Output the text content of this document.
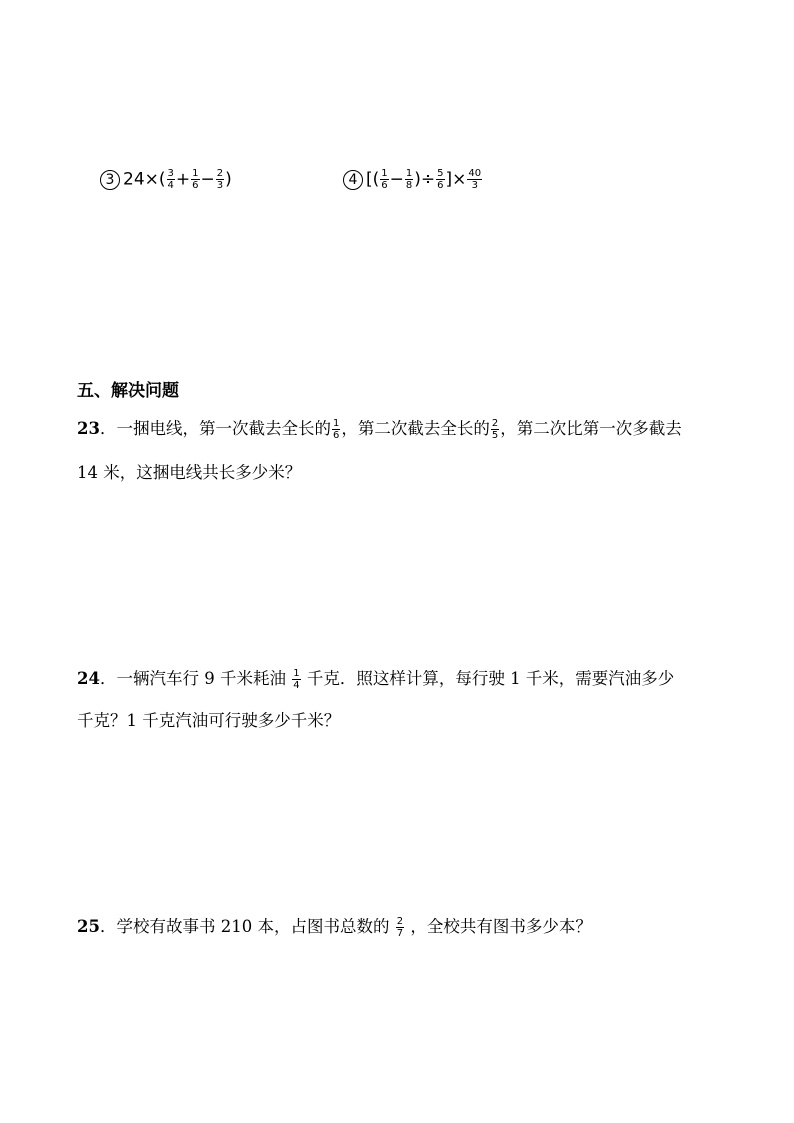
3 $24\times( \frac{3}{4} + \frac{1}{6} - \frac{2}{3}$ )	4 [( $\frac{1}{6} - \frac{1}{8}$ )÷ $\frac{5}{6}$ ]× $\frac{40}{3}$
五、解决问题
23．一捆电线，第一次截去全长的 $\frac{1}{6}$ ，第二次截去全长的 $\frac{2}{5}$ ，第二次比第一次多截去
14 米，这捆电线共长多少米？
24．一辆汽车行 9 千米耗油 $\frac{1}{4}$ 千克．照这样计算，每行驶 1 千米，需要汽油多少
千克？1 千克汽油可行驶多少千米？
25．学校有故事书 210 本，占图书总数的 $\frac{2}{7}$ ，全校共有图书多少本？
